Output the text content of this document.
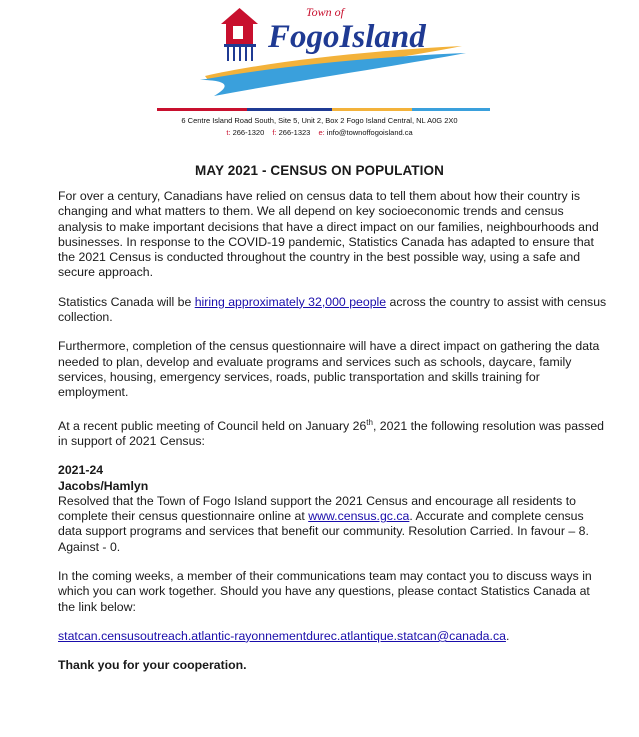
Town of
FogoIsland
6 Centre Island Road South, Site 5, Unit 2, Box 2 Fogo Island Central, NL A0G 2X0
t: 266-1320 f: 266-1323 e: info@townoffogoisland.ca
MAY 2021 - CENSUS ON POPULATION

For over a century, Canadians have relied on census data to tell them about how their country is changing and what matters to them. We all depend on key socioeconomic trends and census analysis to make important decisions that have a direct impact on our families, neighbourhoods and businesses. In response to the COVID-19 pandemic, Statistics Canada has adapted to ensure that the 2021 Census is conducted throughout the country in the best possible way, using a safe and secure approach.

Statistics Canada will be hiring approximately 32,000 people across the country to assist with census collection.

Furthermore, completion of the census questionnaire will have a direct impact on gathering the data needed to plan, develop and evaluate programs and services such as schools, daycare, family services, housing, emergency services, roads, public transportation and skills training for employment.

At a recent public meeting of Council held on January 26th, 2021 the following resolution was passed in support of 2021 Census:

2021-24
Jacobs/Hamlyn
Resolved that the Town of Fogo Island support the 2021 Census and encourage all residents to complete their census questionnaire online at www.census.gc.ca. Accurate and complete census data support programs and services that benefit our community. Resolution Carried. In favour – 8. Against - 0.

In the coming weeks, a member of their communications team may contact you to discuss ways in which you can work together. Should you have any questions, please contact Statistics Canada at the link below:

statcan.censusoutreach.atlantic-rayonnementdurec.atlantique.statcan@canada.ca.

Thank you for your cooperation.
